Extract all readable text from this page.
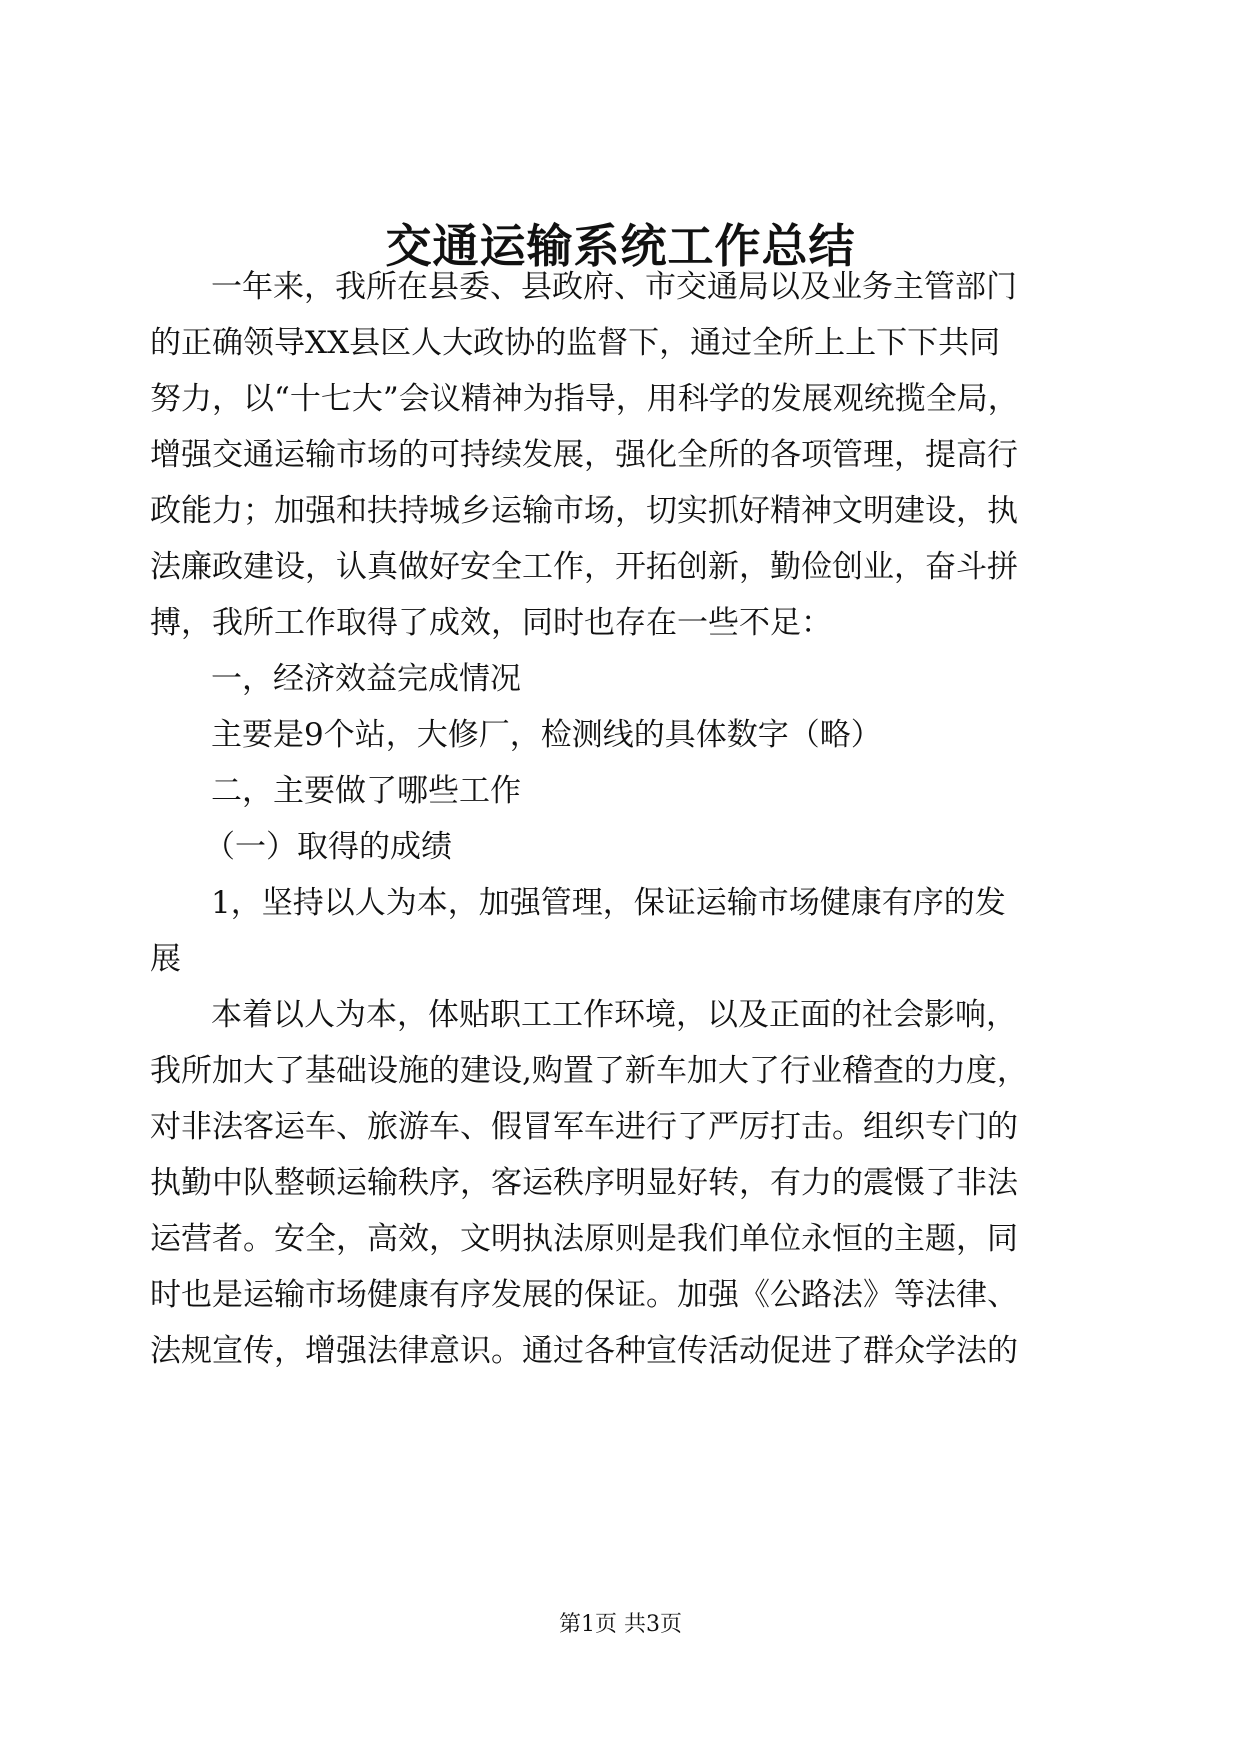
交通运输系统工作总结
一年来，我所在县委、县政府、市交通局以及业务主管部门
的正确领导XX县区人大政协的监督下，通过全所上上下下共同
努力，以“十七大”会议精神为指导，用科学的发展观统揽全局，
增强交通运输市场的可持续发展，强化全所的各项管理，提高行
政能力；加强和扶持城乡运输市场，切实抓好精神文明建设，执
法廉政建设，认真做好安全工作，开拓创新，勤俭创业，奋斗拼
搏，我所工作取得了成效，同时也存在一些不足：
一，经济效益完成情况
主要是9个站，大修厂，检测线的具体数字（略）
二，主要做了哪些工作
（一）取得的成绩
1，坚持以人为本，加强管理，保证运输市场健康有序的发
展
本着以人为本，体贴职工工作环境，以及正面的社会影响，
我所加大了基础设施的建设,购置了新车加大了行业稽查的力度，
对非法客运车、旅游车、假冒军车进行了严厉打击。组织专门的
执勤中队整顿运输秩序，客运秩序明显好转，有力的震慑了非法
运营者。安全，高效，文明执法原则是我们单位永恒的主题，同
时也是运输市场健康有序发展的保证。加强《公路法》等法律、
法规宣传，增强法律意识。通过各种宣传活动促进了群众学法的
第1页 共3页
